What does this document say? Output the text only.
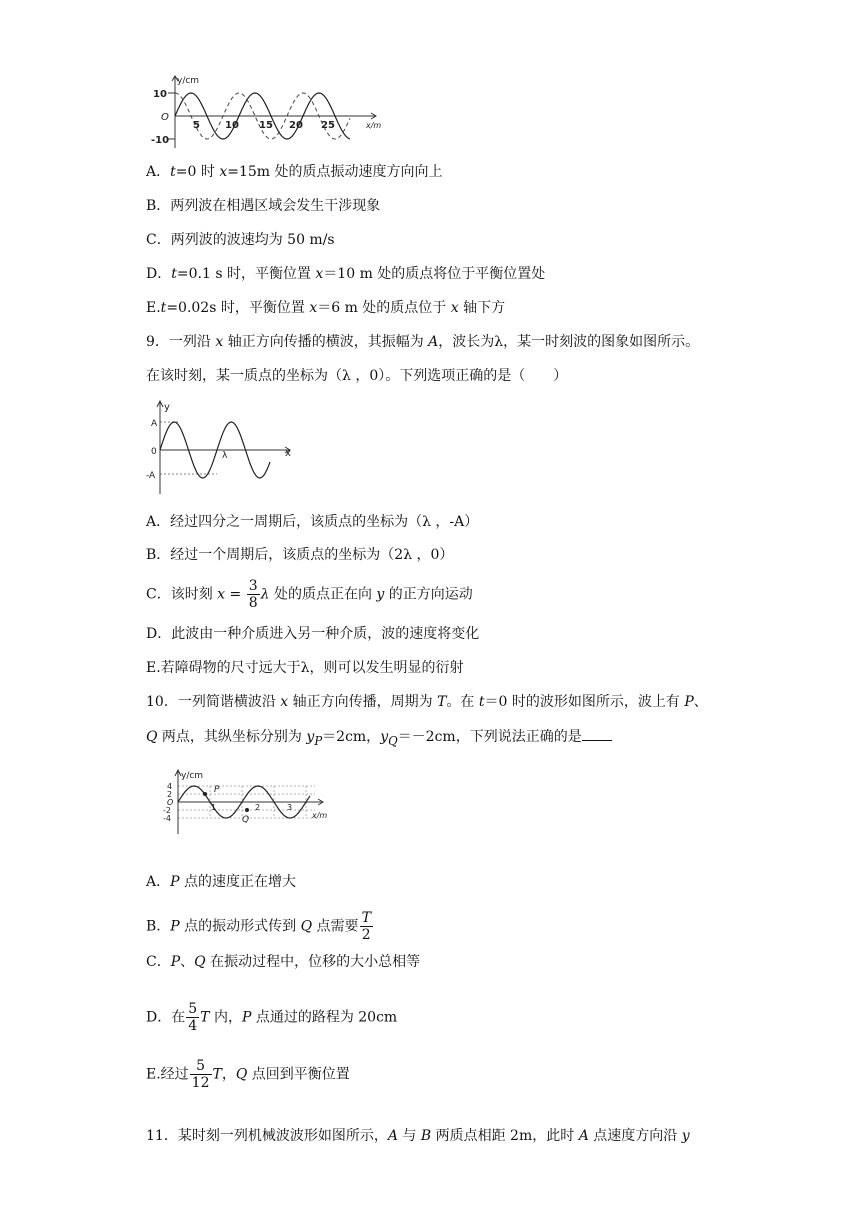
y/cm
10
O
-10
5	10 15 20 25	x/m
A．t=0 时 x=15m 处的质点振动速度方向向上
B．两列波在相遇区域会发生干涉现象
C．两列波的波速均为 50 m/s
D．t=0.1 s 时，平衡位置 x＝10 m 处的质点将位于平衡位置处
E.t=0.02s 时，平衡位置 x＝6 m 处的质点位于 x 轴下方
9．一列沿 x 轴正方向传播的横波，其振幅为 A，波长为λ，某一时刻波的图象如图所示。
在该时刻，某一质点的坐标为（λ ，0）。下列选项正确的是（　　）
y
x
A
0
-A
λ
A．经过四分之一周期后，该质点的坐标为（λ ，-A）
B．经过一个周期后，该质点的坐标为（2λ ，0）
C．该时刻 $x = \frac{3}{8}$ λ 处的质点正在向 y 的正方向运动
D．此波由一种介质进入另一种介质，波的速度将变化
E.若障碍物的尺寸远大于λ，则可以发生明显的衍射
10．一列简谐横波沿 x 轴正方向传播，周期为 T。在 t＝0 时的波形如图所示，波上有 P、
Q 两点，其纵坐标分别为 $y_P=2cm$，$y_Q=-2cm$，下列说法正确的是
y/cm
x/m
4
2
O
-2
-4
1	2	3
P
Q
A．P 点的速度正在增大
B．P 点的振动形式传到 Q 点需要 $\frac{T}{2}$
C．P、Q 在振动过程中，位移的大小总相等
D．在 $\frac{5}{4}$ T 内，P 点通过的路程为 20cm
E.经过 $\frac{5}{12}$ T，Q 点回到平衡位置
11．某时刻一列机械波波形如图所示，A 与 B 两质点相距 2m，此时 A 点速度方向沿 y
